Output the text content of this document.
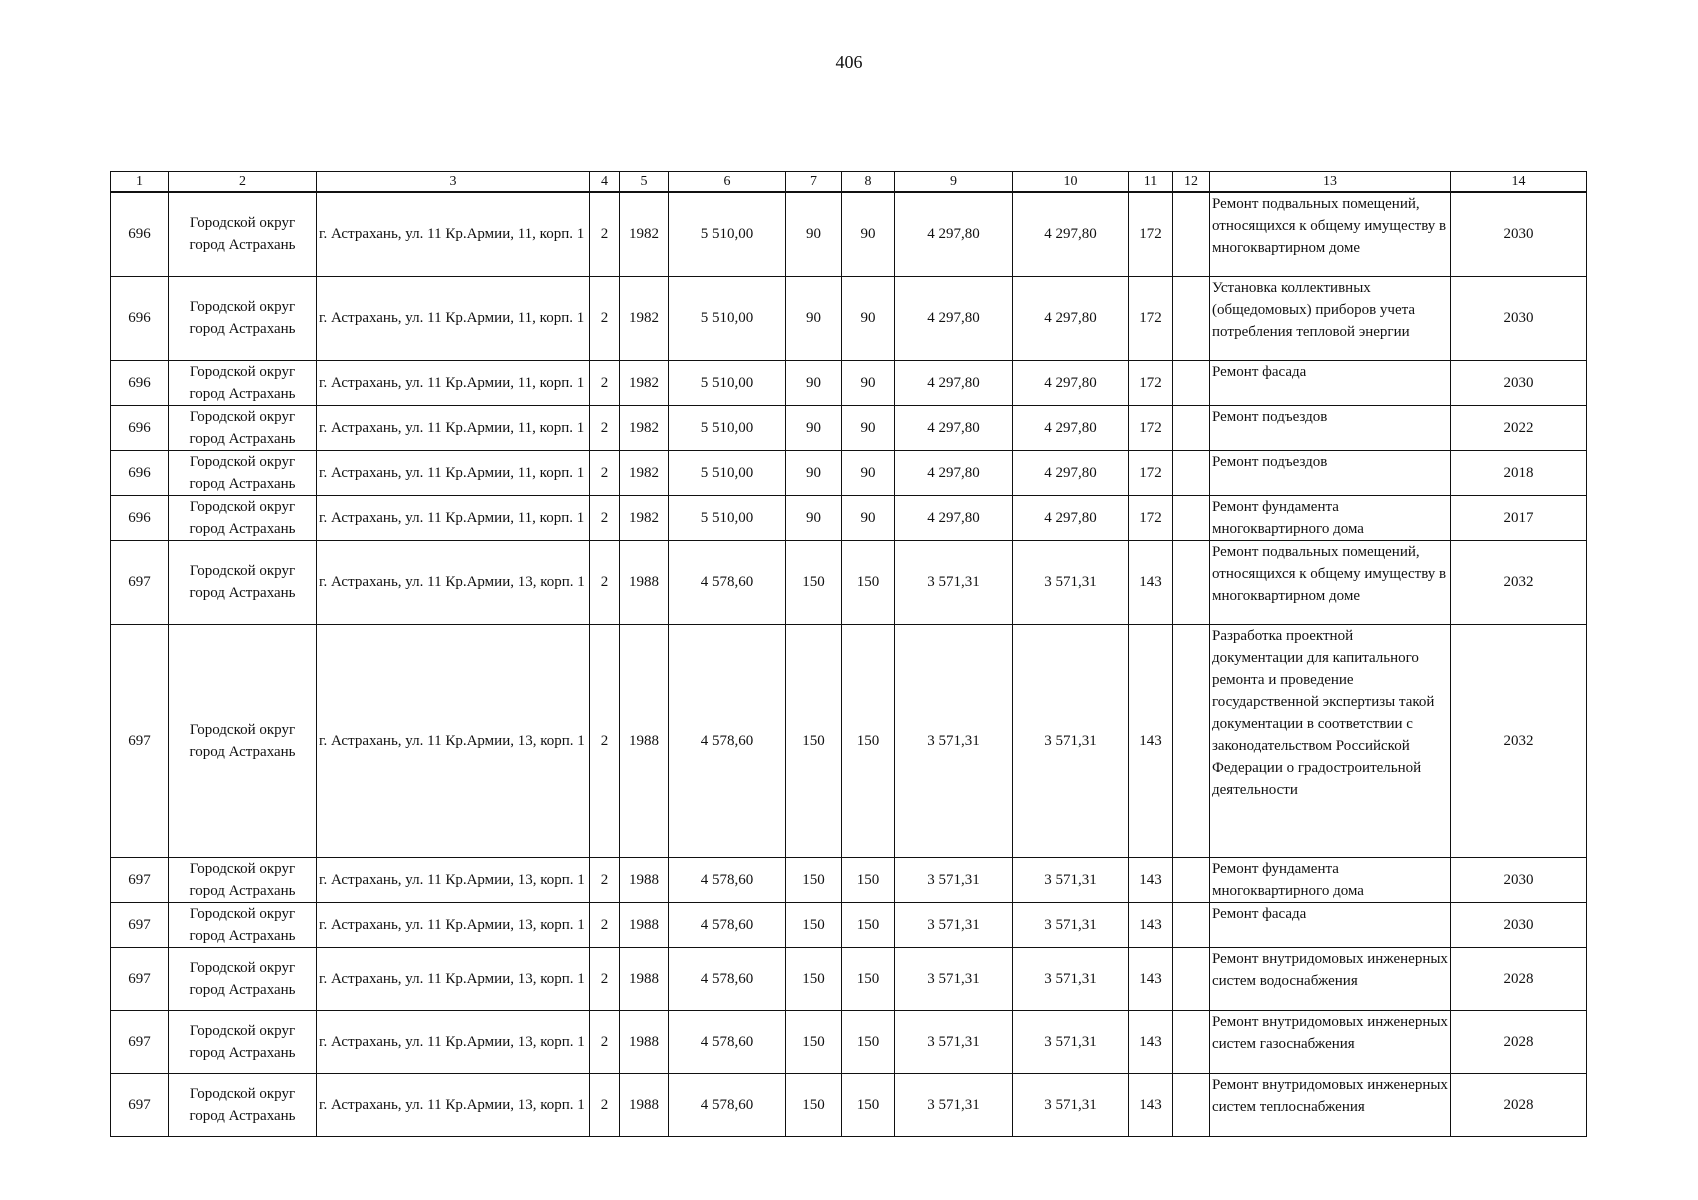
406
1	2	3	4	5	6	7	8	9	10	11	12	13	14
696	Городской округ город Астрахань	г. Астрахань, ул. 11 Кр.Армии, 11, корп. 1	2	1982	5 510,00	90	90	4 297,80	4 297,80	172		Ремонт подвальных помещений, относящихся к общему имуществу в многоквартирном доме	2030
696	Городской округ город Астрахань	г. Астрахань, ул. 11 Кр.Армии, 11, корп. 1	2	1982	5 510,00	90	90	4 297,80	4 297,80	172		Установка коллективных (общедомовых) приборов учета потребления тепловой энергии	2030
696	Городской округ город Астрахань	г. Астрахань, ул. 11 Кр.Армии, 11, корп. 1	2	1982	5 510,00	90	90	4 297,80	4 297,80	172		Ремонт фасада	2030
696	Городской округ город Астрахань	г. Астрахань, ул. 11 Кр.Армии, 11, корп. 1	2	1982	5 510,00	90	90	4 297,80	4 297,80	172		Ремонт подъездов	2022
696	Городской округ город Астрахань	г. Астрахань, ул. 11 Кр.Армии, 11, корп. 1	2	1982	5 510,00	90	90	4 297,80	4 297,80	172		Ремонт подъездов	2018
696	Городской округ город Астрахань	г. Астрахань, ул. 11 Кр.Армии, 11, корп. 1	2	1982	5 510,00	90	90	4 297,80	4 297,80	172		Ремонт фундамента многоквартирного дома	2017
697	Городской округ город Астрахань	г. Астрахань, ул. 11 Кр.Армии, 13, корп. 1	2	1988	4 578,60	150	150	3 571,31	3 571,31	143		Ремонт подвальных помещений, относящихся к общему имуществу в многоквартирном доме	2032
697	Городской округ город Астрахань	г. Астрахань, ул. 11 Кр.Армии, 13, корп. 1	2	1988	4 578,60	150	150	3 571,31	3 571,31	143		Разработка проектной документации для капитального ремонта и проведение государственной экспертизы такой документации в соответствии с законодательством Российской Федерации о градостроительной деятельности	2032
697	Городской округ город Астрахань	г. Астрахань, ул. 11 Кр.Армии, 13, корп. 1	2	1988	4 578,60	150	150	3 571,31	3 571,31	143		Ремонт фундамента многоквартирного дома	2030
697	Городской округ город Астрахань	г. Астрахань, ул. 11 Кр.Армии, 13, корп. 1	2	1988	4 578,60	150	150	3 571,31	3 571,31	143		Ремонт фасада	2030
697	Городской округ город Астрахань	г. Астрахань, ул. 11 Кр.Армии, 13, корп. 1	2	1988	4 578,60	150	150	3 571,31	3 571,31	143		Ремонт внутридомовых инженерных систем водоснабжения	2028
697	Городской округ город Астрахань	г. Астрахань, ул. 11 Кр.Армии, 13, корп. 1	2	1988	4 578,60	150	150	3 571,31	3 571,31	143		Ремонт внутридомовых инженерных систем газоснабжения	2028
697	Городской округ город Астрахань	г. Астрахань, ул. 11 Кр.Армии, 13, корп. 1	2	1988	4 578,60	150	150	3 571,31	3 571,31	143		Ремонт внутридомовых инженерных систем теплоснабжения	2028
